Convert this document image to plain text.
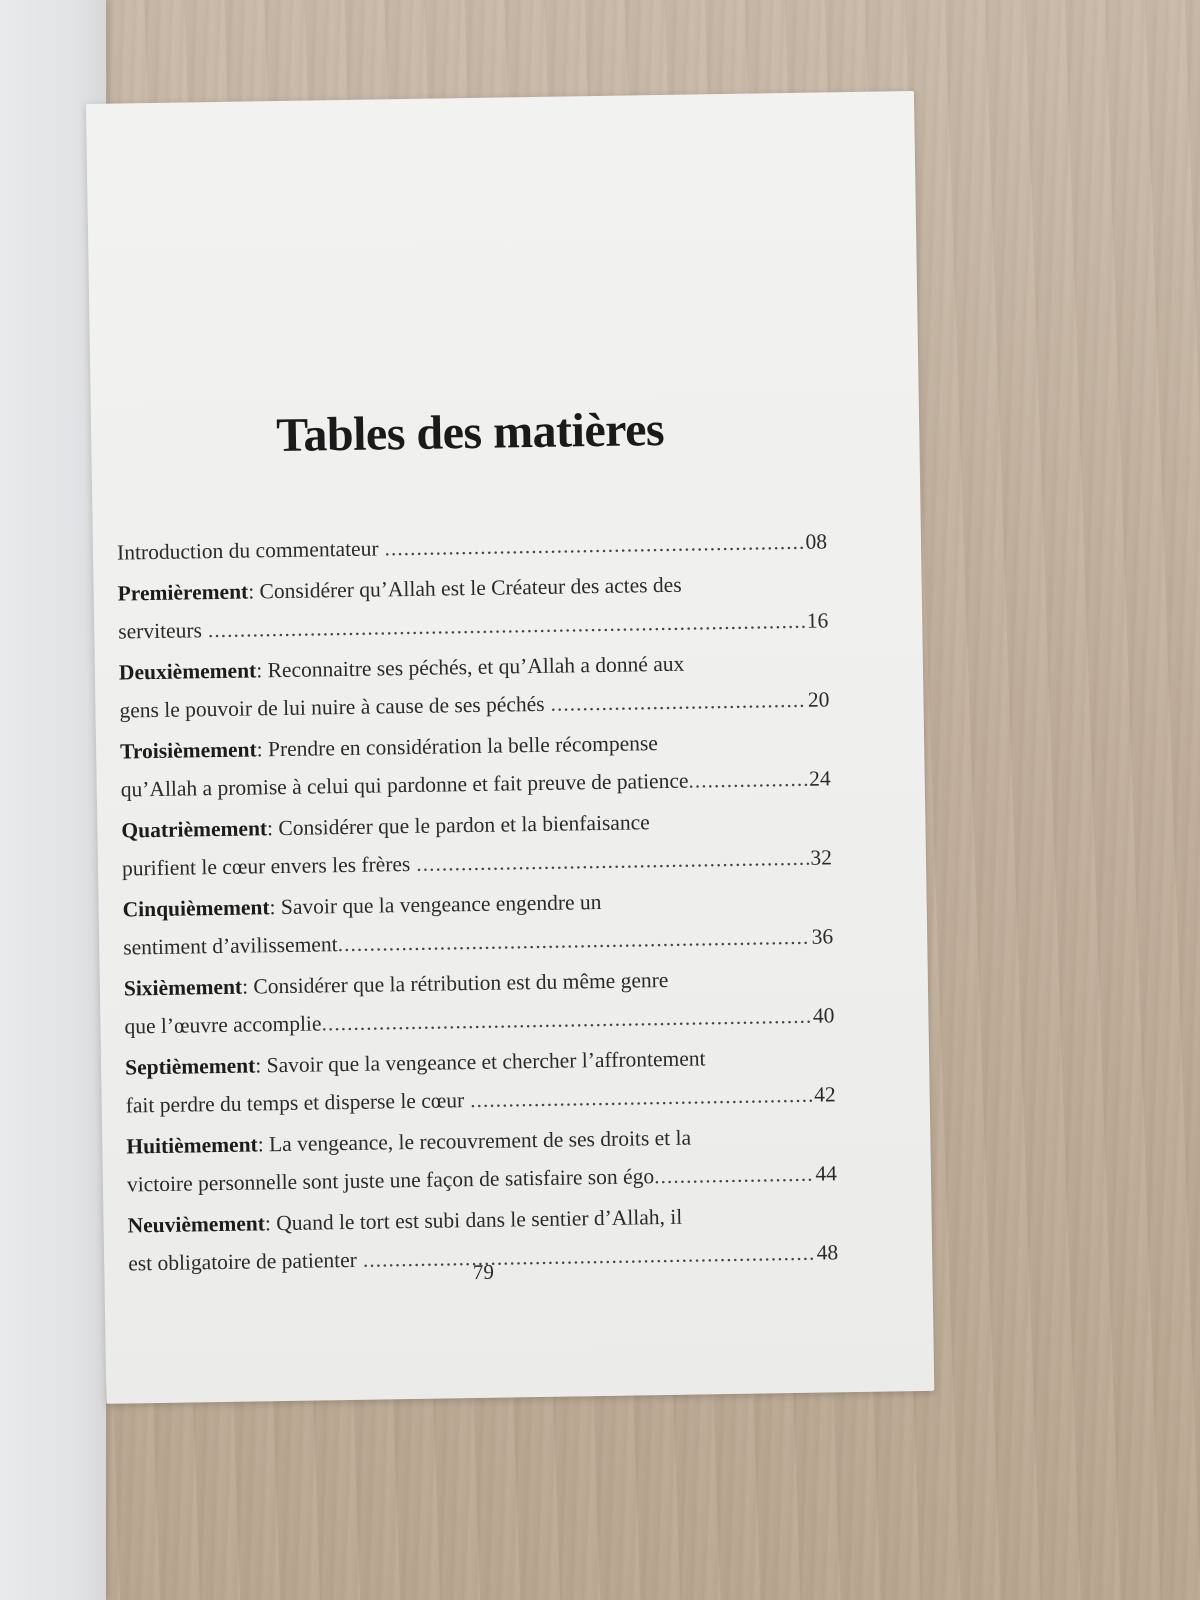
Tables des matières
Introduction du commentateur .....	08
Premièrement: Considérer qu’Allah est le Créateur des actes des
serviteurs .....	16
Deuxièmement: Reconnaitre ses péchés, et qu’Allah a donné aux
gens le pouvoir de lui nuire à cause de ses péchés .....	20
Troisièmement: Prendre en considération la belle récompense
qu’Allah a promise à celui qui pardonne et fait preuve de patience .....	24
Quatrièmement: Considérer que le pardon et la bienfaisance
purifient le cœur envers les frères .....	32
Cinquièmement: Savoir que la vengeance engendre un
sentiment d’avilissement .....	36
Sixièmement: Considérer que la rétribution est du même genre
que l’œuvre accomplie .....	40
Septièmement: Savoir que la vengeance et chercher l’affrontement
fait perdre du temps et disperse le cœur .....	42
Huitièmement: La vengeance, le recouvrement de ses droits et la
victoire personnelle sont juste une façon de satisfaire son égo .....	44
Neuvièmement: Quand le tort est subi dans le sentier d’Allah, il
est obligatoire de patienter .....	48
79
